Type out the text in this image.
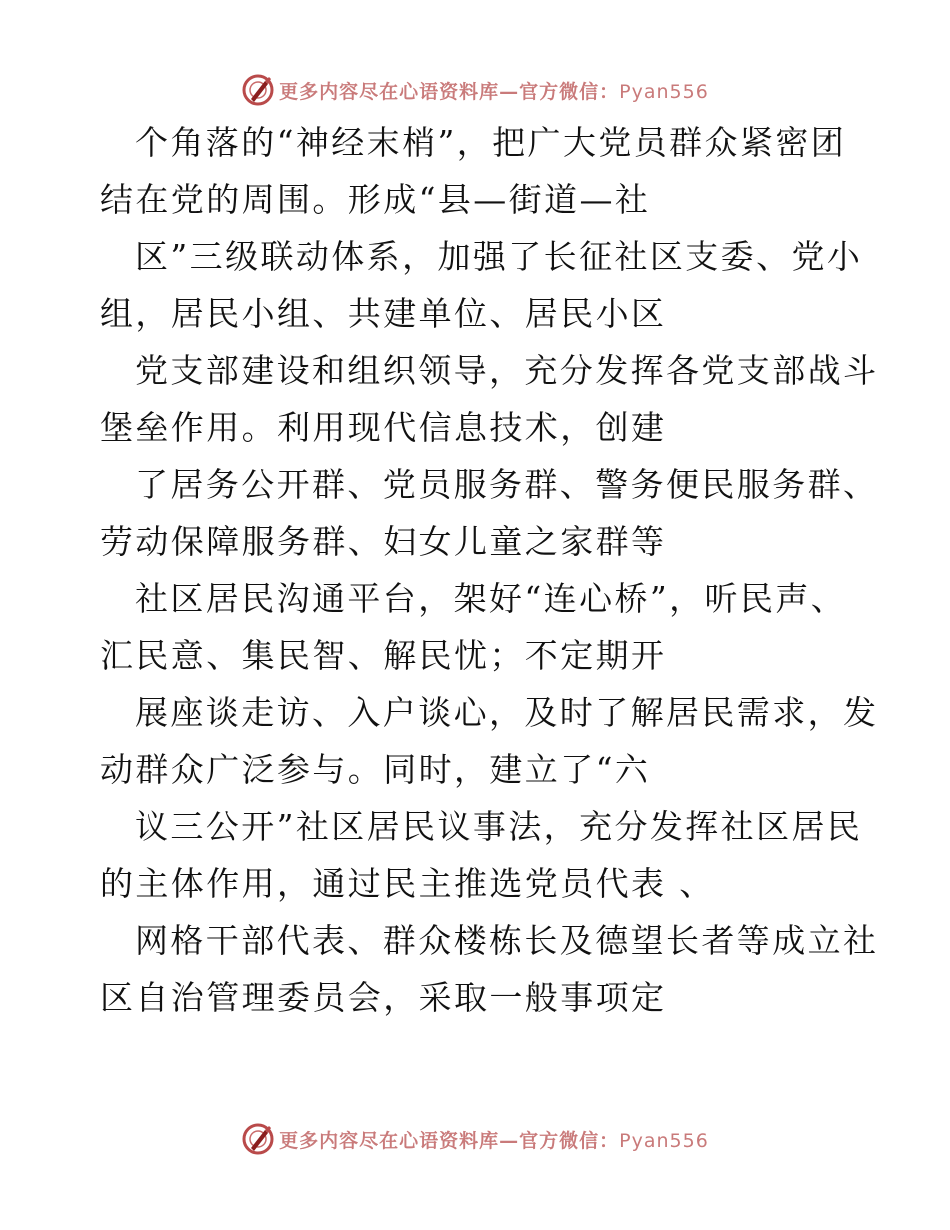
更多内容尽在心语资料库—官方微信：Pyan556
个角落的“神经末梢”，把广大党员群众紧密团
结在党的周围。形成“县—街道—社
区”三级联动体系，加强了长征社区支委、党小
组，居民小组、共建单位、居民小区
党支部建设和组织领导，充分发挥各党支部战斗
堡垒作用。利用现代信息技术，创建
了居务公开群、党员服务群、警务便民服务群、
劳动保障服务群、妇女儿童之家群等
社区居民沟通平台，架好“连心桥”，听民声、
汇民意、集民智、解民忧；不定期开
展座谈走访、入户谈心，及时了解居民需求，发
动群众广泛参与。同时，建立了“六
议三公开”社区居民议事法，充分发挥社区居民
的主体作用，通过民主推选党员代表 、
网格干部代表、群众楼栋长及德望长者等成立社
区自治管理委员会，采取一般事项定
更多内容尽在心语资料库—官方微信：Pyan556
